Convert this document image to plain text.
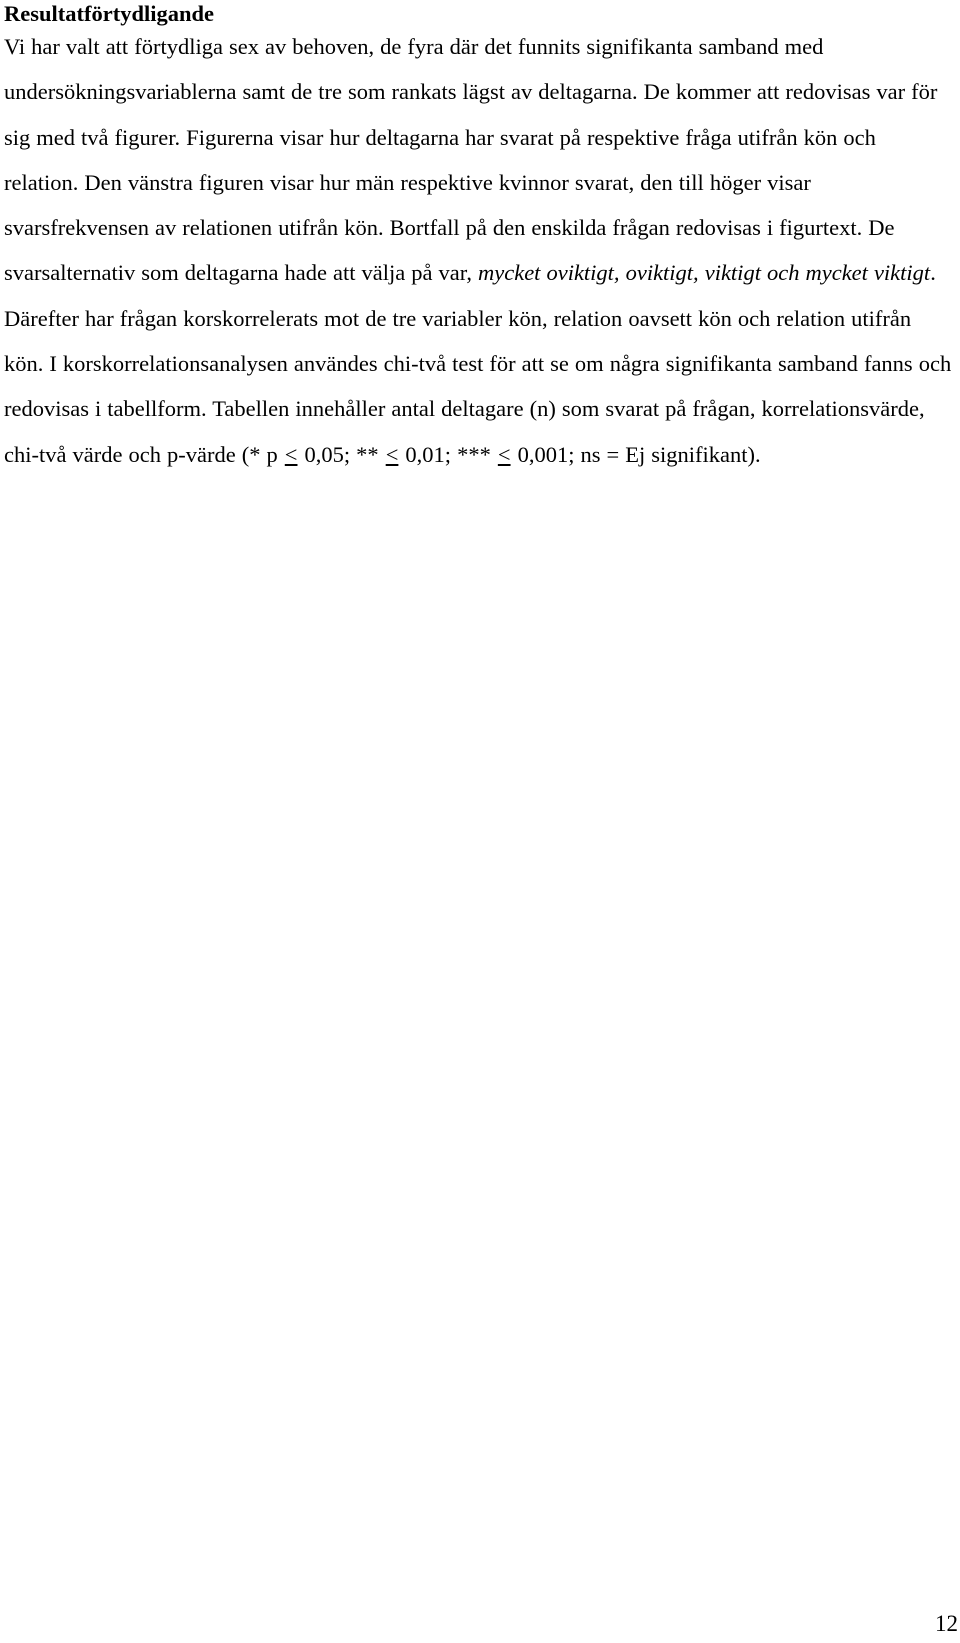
Resultatförtydligande

Vi har valt att förtydliga sex av behoven, de fyra där det funnits signifikanta samband med undersökningsvariablerna samt de tre som rankats lägst av deltagarna. De kommer att redovisas var för sig med två figurer. Figurerna visar hur deltagarna har svarat på respektive fråga utifrån kön och relation. Den vänstra figuren visar hur män respektive kvinnor svarat, den till höger visar svarsfrekvensen av relationen utifrån kön. Bortfall på den enskilda frågan redovisas i figurtext. De svarsalternativ som deltagarna hade att välja på var, mycket oviktigt, oviktigt, viktigt och mycket viktigt. Därefter har frågan korskorrelerats mot de tre variabler kön, relation oavsett kön och relation utifrån kön. I korskorrelationsanalysen användes chi-två test för att se om några signifikanta samband fanns och redovisas i tabellform. Tabellen innehåller antal deltagare (n) som svarat på frågan, korrelationsvärde, chi-två värde och p-värde (* p ≤ 0,05; ** ≤ 0,01; *** ≤ 0,001; ns = Ej signifikant).

12
